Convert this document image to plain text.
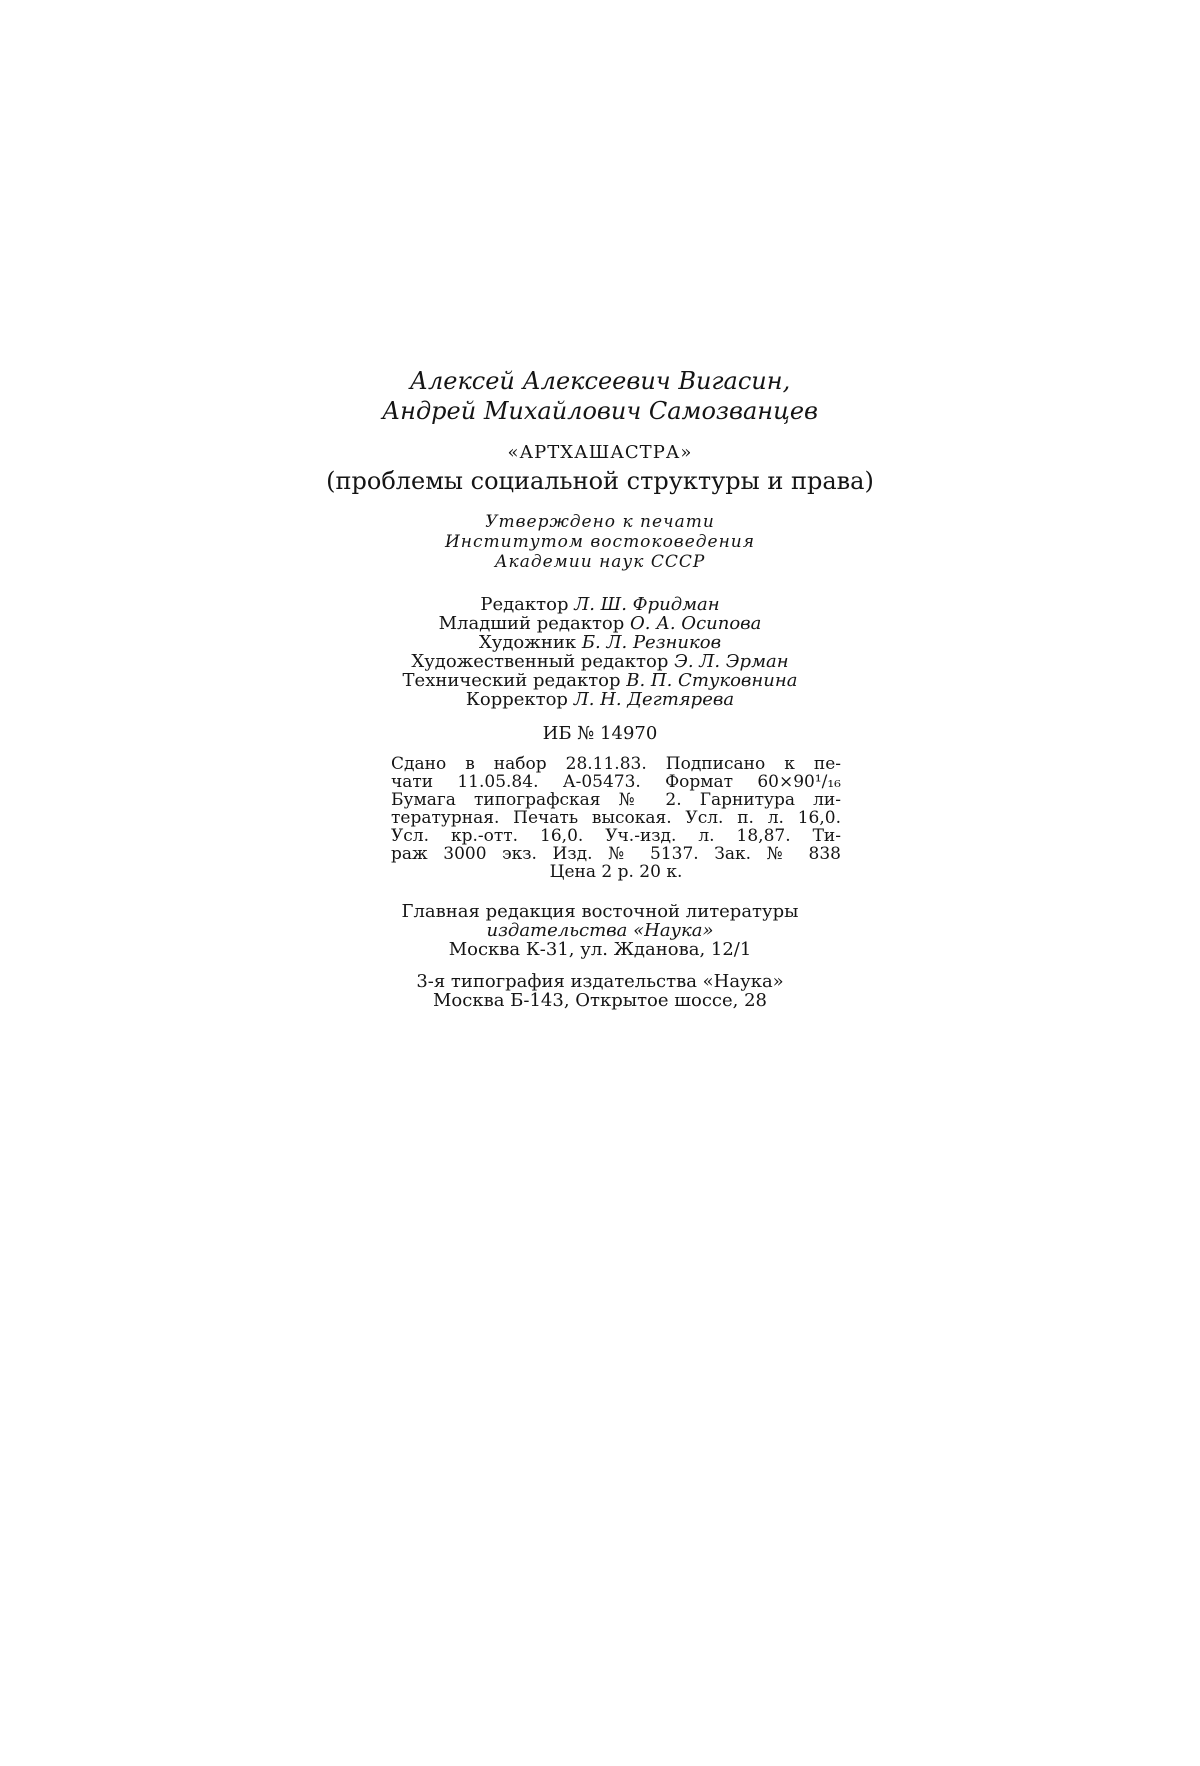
Алексей Алексеевич Вигасин,
Андрей Михайлович Самозванцев
«АРТХАШАСТРА»
(проблемы социальной структуры и права)
Утверждено к печати
Институтом востоковедения
Академии наук СССР
Редактор Л. Ш. Фридман
Младший редактор О. А. Осипова
Художник Б. Л. Резников
Художественный редактор Э. Л. Эрман
Технический редактор В. П. Стуковнина
Корректор Л. Н. Дегтярева
ИБ № 14970
Сдано в набор 28.11.83. Подписано к пе-
чати 11.05.84. А-05473. Формат 60×90¹/₁₆
Бумага типографская № 2. Гарнитура ли-
тературная. Печать высокая. Усл. п. л. 16,0.
Усл. кр.-отт. 16,0. Уч.-изд. л. 18,87. Ти-
раж 3000 экз. Изд. № 5137. Зак. № 838
Цена 2 р. 20 к.
Главная редакция восточной литературы
издательства «Наука»
Москва К-31, ул. Жданова, 12/1
3-я типография издательства «Наука»
Москва Б-143, Открытое шоссе, 28
